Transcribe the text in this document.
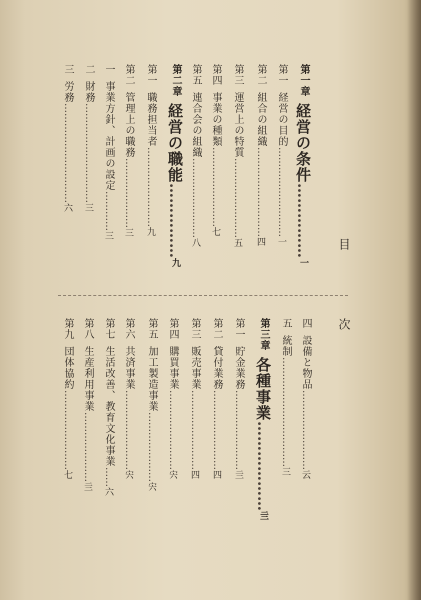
目
次
第一章経営の条件……………一
第一経営の目的………………………一
第二組合の組織………………………四
第三運営上の特質……………………五
第四事業の種類……………………七
第五連合会の組織……………………八
第二章経営の職能……………九
第一職務担当者……………………九
第二管理上の職務…………………三
一事業方針、計画の設定…………三
二財務…………………………三
三労務…………………………六
四設備と物品……………………云
五統制……………………………三
第三章各種事業………………亖
第一貯金業務……………………亖
第二貸付業務……………………四
第三販売事業……………………四
第四購買事業……………………宍
第五加工製造事業…………………宍
第六共済事業……………………宍
第七生活改善、教育文化事業……六
第八生産利用事業…………………亖
第九団体協約……………………七
